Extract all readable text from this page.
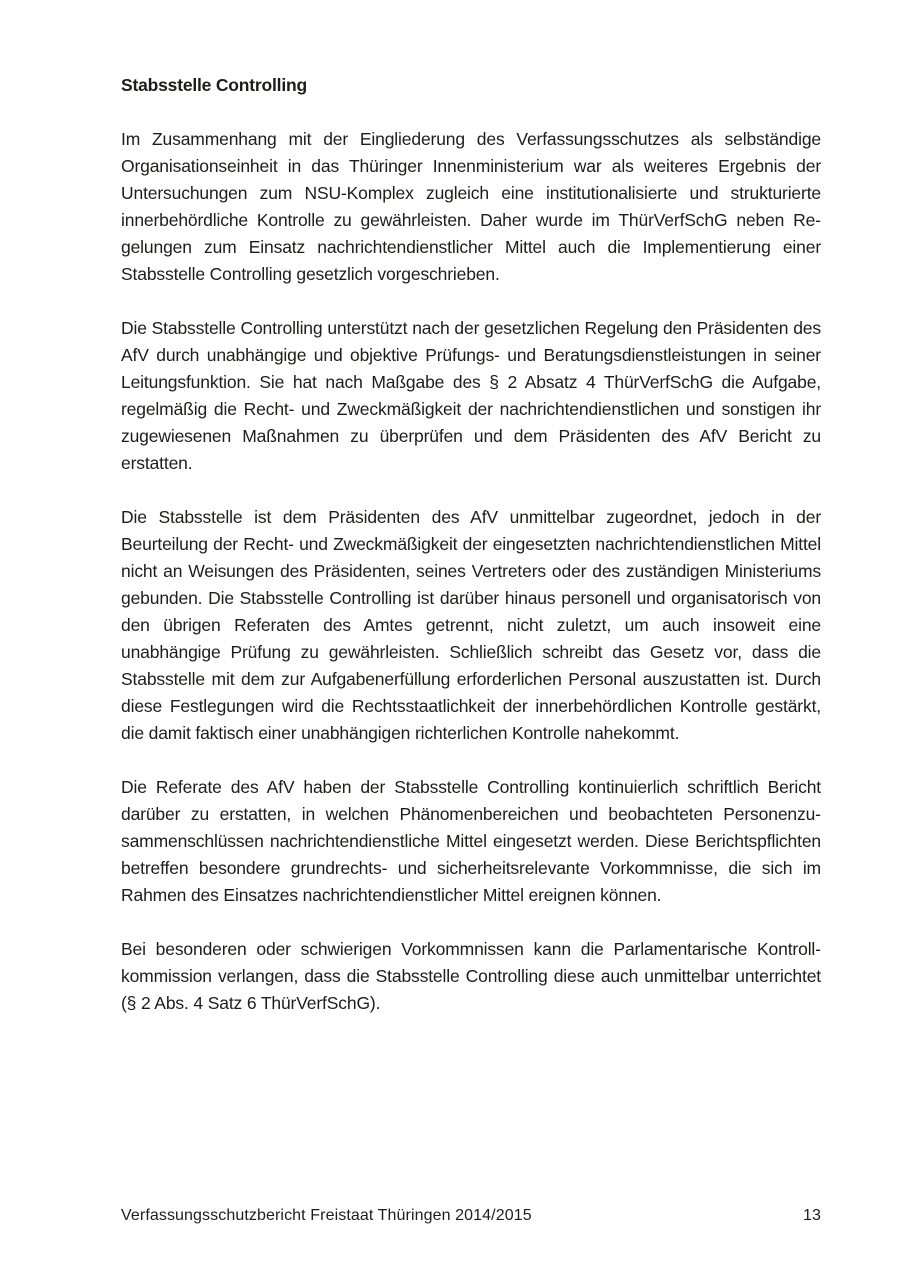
Stabsstelle Controlling

Im Zusammenhang mit der Eingliederung des Verfassungsschutzes als selbständige Organisationseinheit in das Thüringer Innenministerium war als weiteres Ergebnis der Untersuchungen zum NSU-Komplex zugleich eine institutionalisierte und strukturierte innerbehördliche Kontrolle zu gewährleisten. Daher wurde im ThürVerfSchG neben Regelungen zum Einsatz nachrichtendienstlicher Mittel auch die Implementierung einer Stabsstelle Controlling gesetzlich vorgeschrieben.

Die Stabsstelle Controlling unterstützt nach der gesetzlichen Regelung den Präsidenten des AfV durch unabhängige und objektive Prüfungs- und Beratungsdienstleistungen in seiner Leitungsfunktion. Sie hat nach Maßgabe des § 2 Absatz 4 ThürVerfSchG die Aufgabe, regelmäßig die Recht- und Zweckmäßigkeit der nachrichtendienstlichen und sonstigen ihr zugewiesenen Maßnahmen zu überprüfen und dem Präsidenten des AfV Bericht zu erstatten.

Die Stabsstelle ist dem Präsidenten des AfV unmittelbar zugeordnet, jedoch in der Beurteilung der Recht- und Zweckmäßigkeit der eingesetzten nachrichtendienstlichen Mittel nicht an Weisungen des Präsidenten, seines Vertreters oder des zuständigen Ministeriums gebunden. Die Stabsstelle Controlling ist darüber hinaus personell und organisatorisch von den übrigen Referaten des Amtes getrennt, nicht zuletzt, um auch insoweit eine unabhängige Prüfung zu gewährleisten. Schließlich schreibt das Gesetz vor, dass die Stabsstelle mit dem zur Aufgabenerfüllung erforderlichen Personal auszustatten ist. Durch diese Festlegungen wird die Rechtsstaatlichkeit der innerbehördlichen Kontrolle gestärkt, die damit faktisch einer unabhängigen richterlichen Kontrolle nahekommt.

Die Referate des AfV haben der Stabsstelle Controlling kontinuierlich schriftlich Bericht darüber zu erstatten, in welchen Phänomenbereichen und beobachteten Personenzusammenschlüssen nachrichtendienstliche Mittel eingesetzt werden. Diese Berichtspflichten betreffen besondere grundrechts- und sicherheitsrelevante Vorkommnisse, die sich im Rahmen des Einsatzes nachrichtendienstlicher Mittel ereignen können.

Bei besonderen oder schwierigen Vorkommnissen kann die Parlamentarische Kontrollkommission verlangen, dass die Stabsstelle Controlling diese auch unmittelbar unterrichtet (§ 2 Abs. 4 Satz 6 ThürVerfSchG).

Verfassungsschutzbericht Freistaat Thüringen 2014/2015	13
